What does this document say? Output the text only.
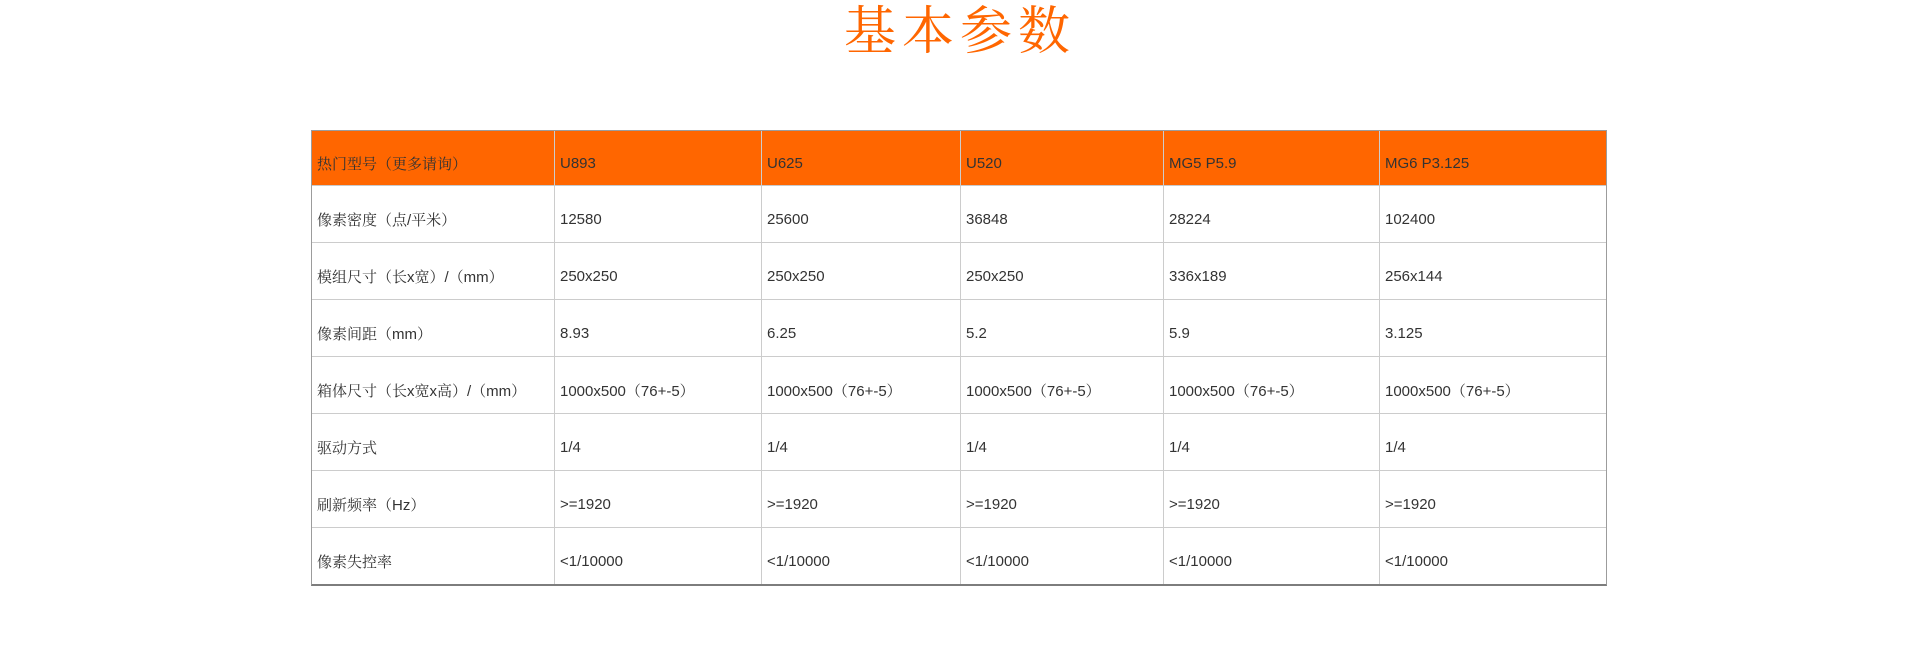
基本参数
热门型号（更多请询）	U893	U625	U520	MG5 P5.9	MG6 P3.125
像素密度（点/平米）	12580	25600	36848	28224	102400
模组尺寸（长x宽）/（mm）	250x250	250x250	250x250	336x189	256x144
像素间距（mm）	8.93	6.25	5.2	5.9	3.125
箱体尺寸（长x宽x高）/（mm）	1000x500（76+-5）	1000x500（76+-5）	1000x500（76+-5）	1000x500（76+-5）	1000x500（76+-5）
驱动方式	1/4	1/4	1/4	1/4	1/4
刷新频率（Hz）	>=1920	>=1920	>=1920	>=1920	>=1920
像素失控率	<1/10000	<1/10000	<1/10000	<1/10000	<1/10000
